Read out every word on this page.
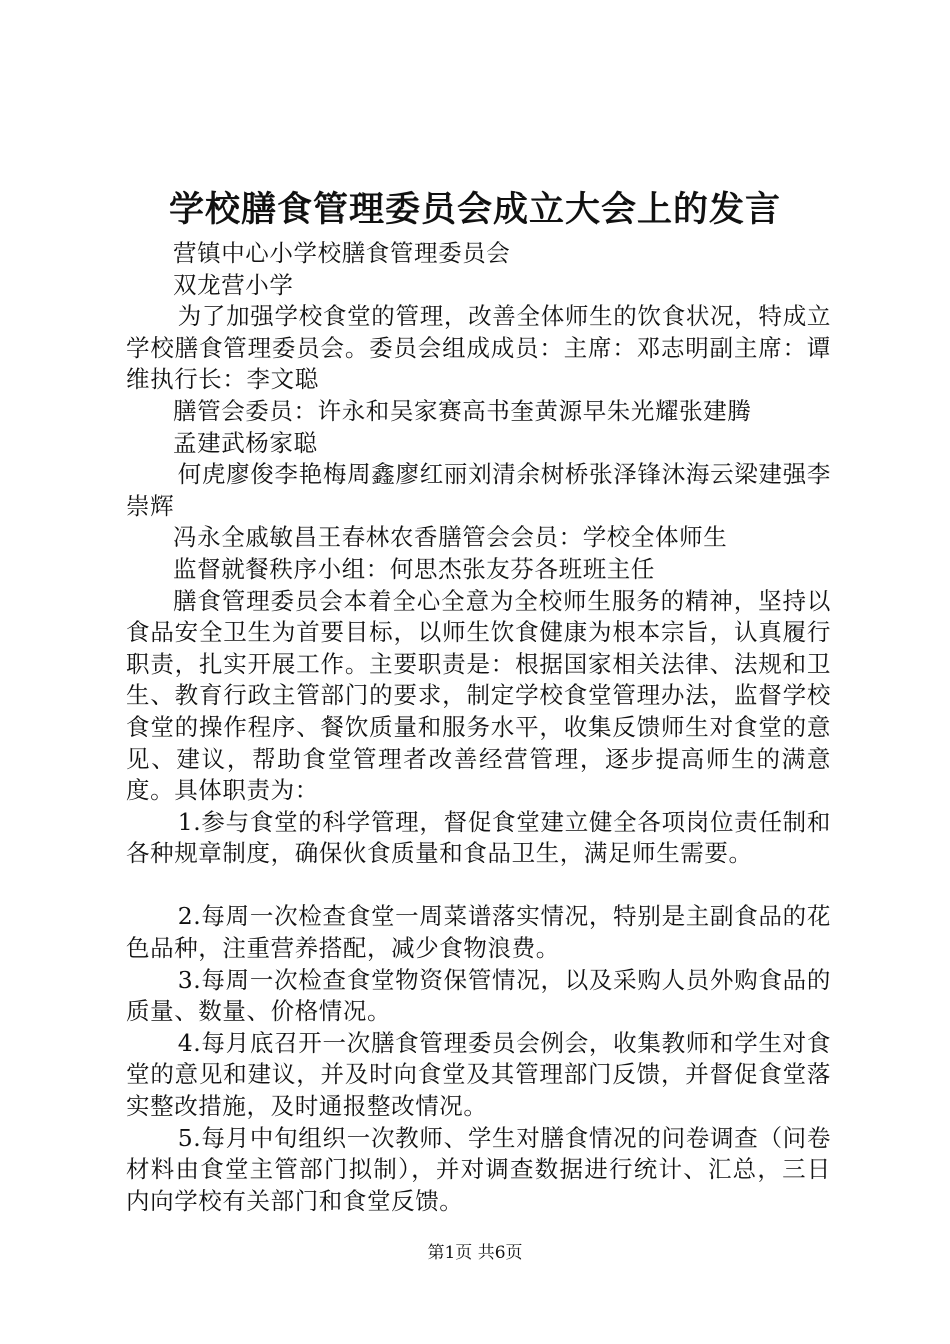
学校膳食管理委员会成立大会上的发言

营镇中心小学校膳食管理委员会

双龙营小学

为了加强学校食堂的管理，改善全体师生的饮食状况，特成立学校膳食管理委员会。委员会组成成员：主席：邓志明副主席：谭维执行长：李文聪

膳管会委员：许永和吴家赛高书奎黄源早朱光耀张建腾

孟建武杨家聪

何虎廖俊李艳梅周鑫廖红丽刘清余树桥张泽锋沐海云梁建强李崇辉

冯永全戚敏昌王春林农香膳管会会员：学校全体师生

监督就餐秩序小组：何思杰张友芬各班班主任

膳食管理委员会本着全心全意为全校师生服务的精神，坚持以食品安全卫生为首要目标，以师生饮食健康为根本宗旨，认真履行职责，扎实开展工作。主要职责是：根据国家相关法律、法规和卫生、教育行政主管部门的要求，制定学校食堂管理办法，监督学校食堂的操作程序、餐饮质量和服务水平，收集反馈师生对食堂的意见、建议，帮助食堂管理者改善经营管理，逐步提高师生的满意度。具体职责为：

1.参与食堂的科学管理，督促食堂建立健全各项岗位责任制和各种规章制度，确保伙食质量和食品卫生，满足师生需要。

2.每周一次检查食堂一周菜谱落实情况，特别是主副食品的花色品种，注重营养搭配，减少食物浪费。

3.每周一次检查食堂物资保管情况，以及采购人员外购食品的质量、数量、价格情况。

4.每月底召开一次膳食管理委员会例会，收集教师和学生对食堂的意见和建议，并及时向食堂及其管理部门反馈，并督促食堂落实整改措施，及时通报整改情况。

5.每月中旬组织一次教师、学生对膳食情况的问卷调查（问卷材料由食堂主管部门拟制），并对调查数据进行统计、汇总，三日内向学校有关部门和食堂反馈。

第1页 共6页
